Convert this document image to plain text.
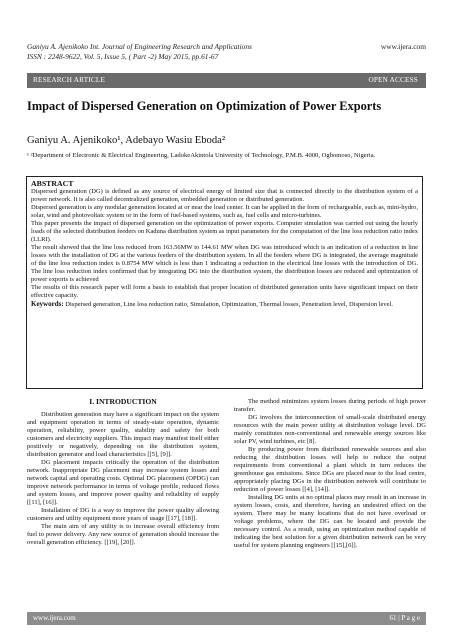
Ganiyu A. Ajenikoko Int. Journal of Engineering Research and Applications
ISSN : 2248-9622, Vol. 5, Issue 5, ( Part -2) May 2015, pp.61-67
www.ijera.com
RESEARCH ARTICLE	OPEN ACCESS
Impact of Dispersed Generation on Optimization of Power Exports
Ganiyu A. Ajenikoko¹, Adebayo Wasiu Eboda²
¹ ²Department of Electronic & Electrical Engineering, LadokeAkintola University of Technology, P.M.B. 4000, Ogbomoso, Nigeria.
ABSTRACT

Dispersed generation (DG) is defined as any source of electrical energy of limited size that is connected directly to the distribution system of a power network. It is also called decentralized generation, embedded generation or distributed generation.

Dispersed generation is any modular generation located at or near the load center. It can be applied in the form of rechargeable, such as, mini-hydro, solar, wind and photovoltaic system or in the form of fuel-based systems, such as, fuel cells and micro-turbines.

This paper presents the impact of dispersed generation on the optimization of power exports. Computer simulation was carried out using the hourly loads of the selected distribution feeders on Kaduna distribution system as input parameters for the computation of the line loss reduction ratio index (LLRI).

The result showed that the line loss reduced from 163.56MW to 144.61 MW when DG was introduced which is an indication of a reduction in line losses with the installation of DG at the various feeders of the distribution system. In all the feeders where DG is integrated, the average magnitude of the line loss reduction index is 0.8754 MW which is less than 1 indicating a reduction in the electrical line losses with the introduction of DG. The line loss reduction index confirmed that by integrating DG into the distribution system, the distribution losses are reduced and optimization of power exports is achieved

The results of this research paper will form a basis to establish that proper location of distributed generation units have significant impact on their effective capacity.

Keywords: Dispersed generation, Line loss reduction ratio, Simulation, Optimization, Thermal losses, Penetration level, Dispersion level.

I. INTRODUCTION

Distribution generation may have a significant impact on the system and equipment operation in terms of steady-state operation, dynamic operation, reliability, power quality, stability and safety for both customers and electricity suppliers. This impact may manifest itself either positively or negatively, depending on the distribution system, distribution generator and load characteristics [[5], [9]].

DG placement impacts critically the operation of the distribution network. Inappropriate DG placement may increase system losses and network capital and operating costs. Optimal DG placement (OPDG) can improve network performance in terms of voltage profile, reduced flows and system losses, and improve power quality and reliability of supply [[11], [16]].

Installation of DG is a way to improve the power quality allowing customers and utility equipment more years of usage [[17], [18]].

The main aim of any utility is to increase overall efficiency from fuel to power delivery. Any new source of generation should increase the overall generation efficiency. [[19], [20]].

The method minimizes system losses during periods of high power transfer.

DG involves the interconnection of small-scale distributed energy resources with the main power utility at distribution voltage level. DG mainly constitutes non-conventional and renewable energy sources like solar PV, wind turbines, etc [8].

By producing power from distributed renewable sources and also reducing the distribution losses will help to reduce the output requirements from conventional a plant which in turn reduces the greenhouse gas emissions. Since DGs are placed near to the load centre, appropriately placing DGs in the distribution network will contribute to reduction of power losses [[4], [14]].

Installing DG units at no optimal places may result in an increase in system losses, costs, and therefore, having an undesired effect on the system. There may be many locations that do not have overload or voltage problems, where the DG can be located and provide the necessary control. As a result, using an optimization method capable of indicating the best solution for a given distribution network can be very useful for system planning engineers [[15],[6]].

www.ijera.com	61 | P a g e
